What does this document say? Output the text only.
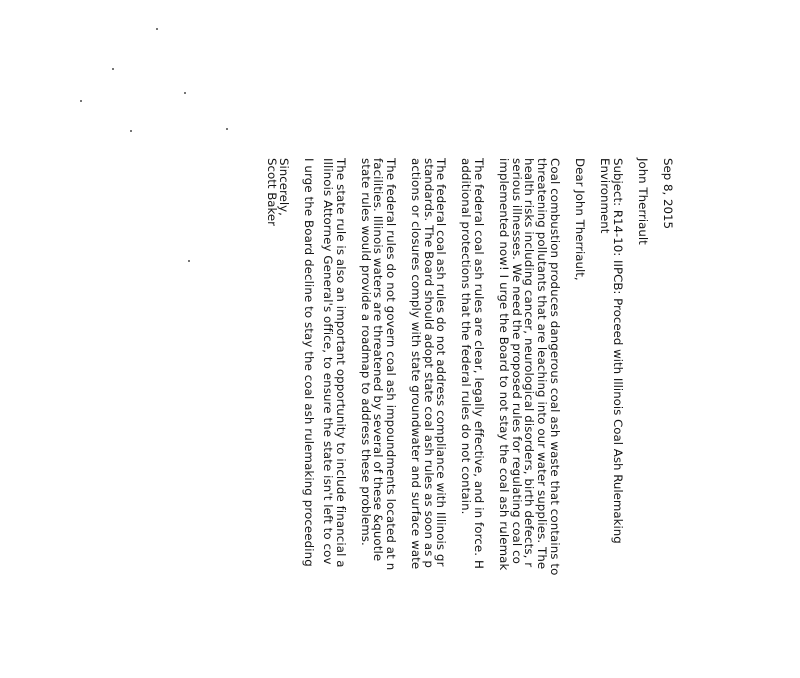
Sep 8, 2015
John Therriault
Subject: R14-10: IIPCB: Proceed with Illinois Coal Ash Rulemaking
Environment
Dear John Therriault,
Coal combustion produces dangerous coal ash waste that contains to
threatening pollutants that are leaching into our water supplies. The
health risks including cancer, neurological disorders, birth defects, r
serious illnesses. We need the proposed rules for regulating coal co
implemented now! I urge the Board to not stay the coal ash rulemak
The federal coal ash rules are clear, legally effective, and in force. H
additional protections that the federal rules do not contain.
The federal coal ash rules do not address compliance with Illinois gr
standards. The Board should adopt state coal ash rules as soon as p
actions or closures comply with state groundwater and surface wate
The federal rules do not govern coal ash impoundments located at n
facilities. Illinois waters are threatened by several of these &quotle
state rules would provide a roadmap to address these problems.
The state rule is also an important opportunity to include financial a
Illinois Attorney General's office, to ensure the state isn't left to cov
I urge the Board decline to stay the coal ash rulemaking proceeding
Sincerely,
Scott Baker
